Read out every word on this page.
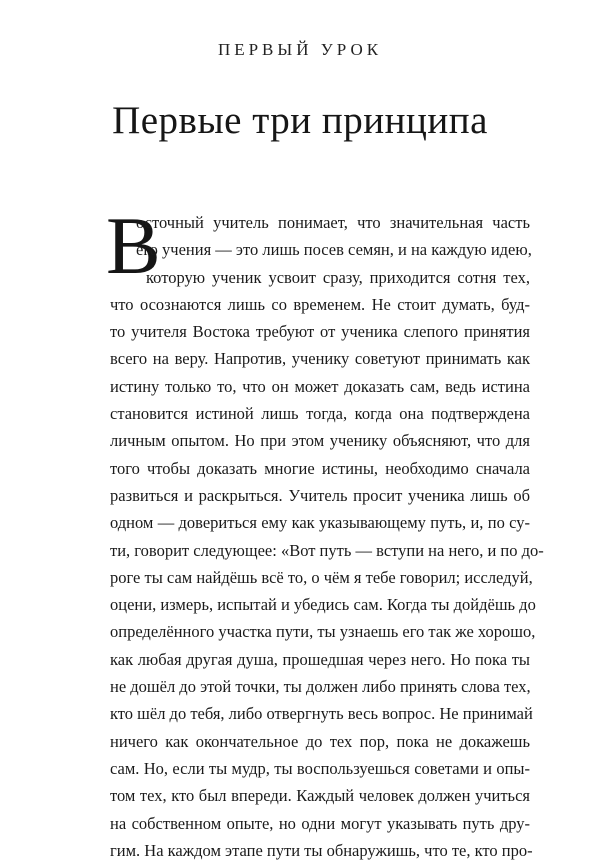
ПЕРВЫЙ УРОК
Первые три принципа
В
осточный учитель понимает, что значительная часть
его учения — это лишь посев семян, и на каждую идею,
которую ученик усвоит сразу, приходится сотня тех,
что осознаются лишь со временем. Не стоит думать, буд-
то учителя Востока требуют от ученика слепого принятия
всего на веру. Напротив, ученику советуют принимать как
истину только то, что он может доказать сам, ведь истина
становится истиной лишь тогда, когда она подтверждена
личным опытом. Но при этом ученику объясняют, что для
того чтобы доказать многие истины, необходимо сначала
развиться и раскрыться. Учитель просит ученика лишь об
одном — довериться ему как указывающему путь, и, по су-
ти, говорит следующее: «Вот путь — вступи на него, и по до-
роге ты сам найдёшь всё то, о чём я тебе говорил; исследуй,
оцени, измерь, испытай и убедись сам. Когда ты дойдёшь до
определённого участка пути, ты узнаешь его так же хорошо,
как любая другая душа, прошедшая через него. Но пока ты
не дошёл до этой точки, ты должен либо принять слова тех,
кто шёл до тебя, либо отвергнуть весь вопрос. Не принимай
ничего как окончательное до тех пор, пока не докажешь
сам. Но, если ты мудр, ты воспользуешься советами и опы-
том тех, кто был впереди. Каждый человек должен учиться
на собственном опыте, но одни могут указывать путь дру-
гим. На каждом этапе пути ты обнаружишь, что те, кто про-
